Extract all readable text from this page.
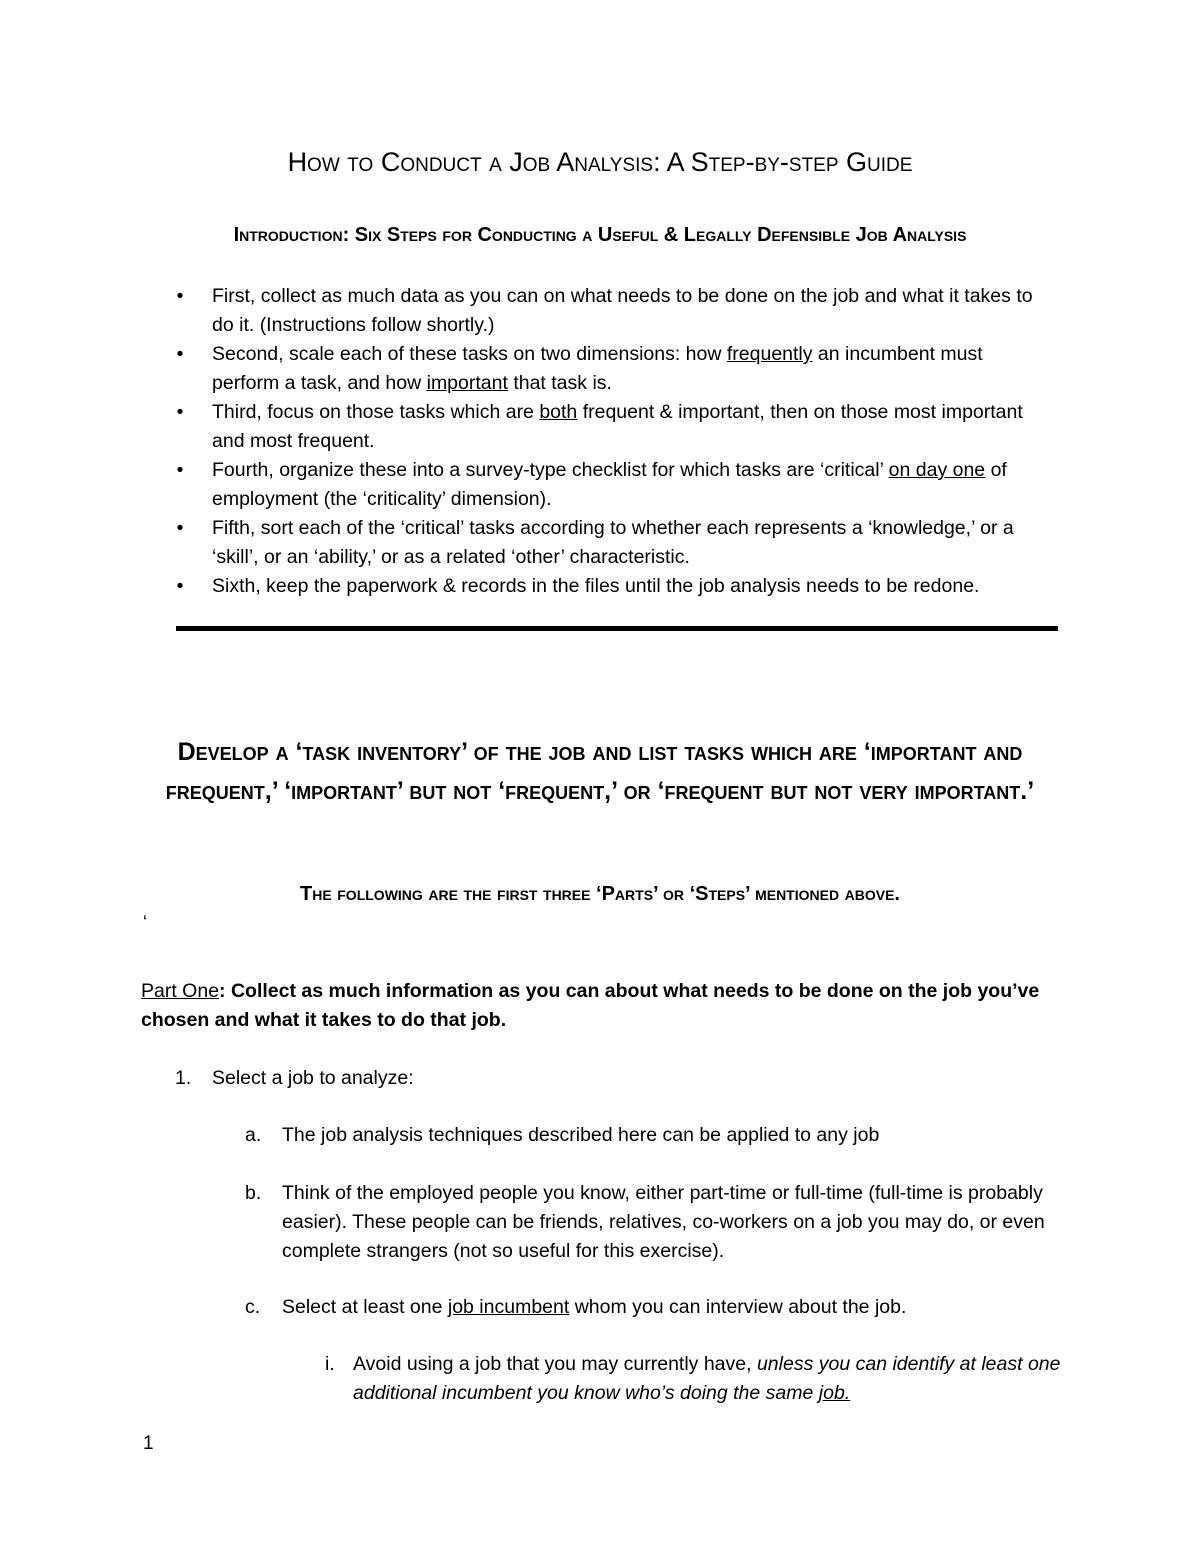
How to Conduct a Job Analysis: A Step-by-step Guide
Introduction: Six Steps for Conducting a Useful & Legally Defensible Job Analysis
• First, collect as much data as you can on what needs to be done on the job and what it takes to do it. (Instructions follow shortly.)
• Second, scale each of these tasks on two dimensions: how frequently an incumbent must perform a task, and how important that task is.
• Third, focus on those tasks which are both frequent & important, then on those most important and most frequent.
• Fourth, organize these into a survey-type checklist for which tasks are ‘critical’ on day one of employment (the ‘criticality’ dimension).
• Fifth, sort each of the ‘critical’ tasks according to whether each represents a ‘knowledge,’ or a ‘skill’, or an ‘ability,’ or as a related ‘other’ characteristic.
• Sixth, keep the paperwork & records in the files until the job analysis needs to be redone.
Develop a ‘task inventory’ of the job and list tasks which are ‘important and frequent,’ ‘important’ but not ‘frequent,’ or ‘frequent but not very important.’
The following are the first three ‘Parts’ or ‘Steps’ mentioned above.
‘

Part One: Collect as much information as you can about what needs to be done on the job you’ve chosen and what it takes to do that job.

1. Select a job to analyze:

a.	The job analysis techniques described here can be applied to any job

b.	Think of the employed people you know, either part-time or full-time (full-time is probably easier). These people can be friends, relatives, co-workers on a job you may do, or even complete strangers (not so useful for this exercise).

c.	Select at least one job incumbent whom you can interview about the job.

i. Avoid using a job that you may currently have, unless you can identify at least one additional incumbent you know who’s doing the same job.

1
